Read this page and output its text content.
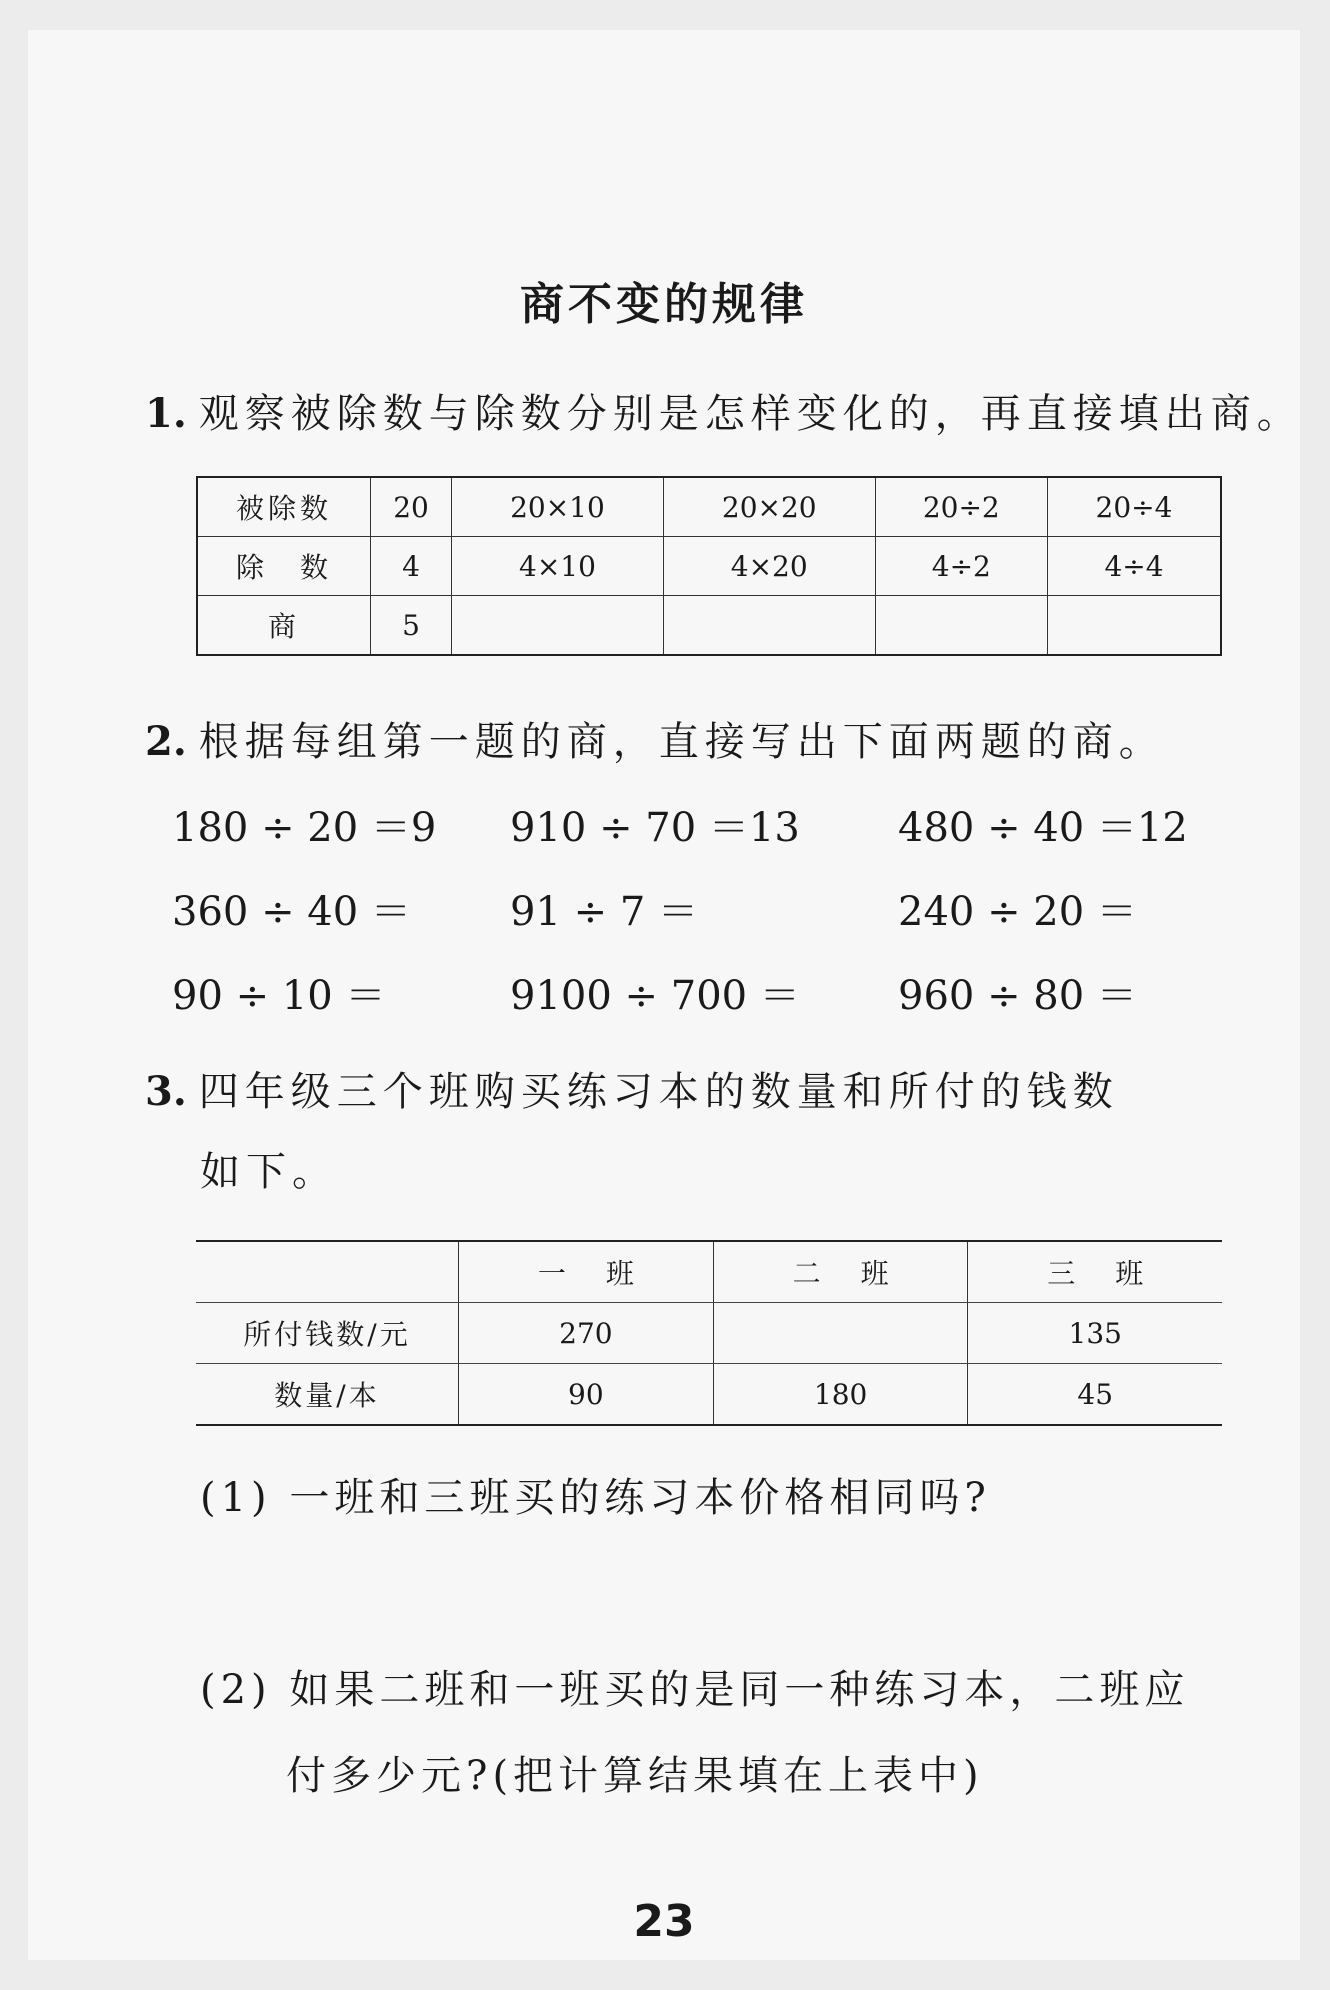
商不变的规律
1. 观察被除数与除数分别是怎样变化的，再直接填出商。
被除数	20	20×10	20×20	20÷2	20÷4
除　数	4	4×10	4×20	4÷2	4÷4
商	5				
2. 根据每组第一题的商，直接写出下面两题的商。
180 ÷ 20 ＝9 910 ÷ 70 ＝13 480 ÷ 40 ＝12
360 ÷ 40 ＝ 91 ÷ 7 ＝	240 ÷ 20 ＝
90 ÷ 10 ＝	9100 ÷ 700 ＝ 960 ÷ 80 ＝
3. 四年级三个班购买练习本的数量和所付的钱数
如下。
	一班	二班	三班
所付钱数/元	270		135
数量/本	90	180	45
(1) 一班和三班买的练习本价格相同吗?
(2) 如果二班和一班买的是同一种练习本，二班应
付多少元?(把计算结果填在上表中)
23
